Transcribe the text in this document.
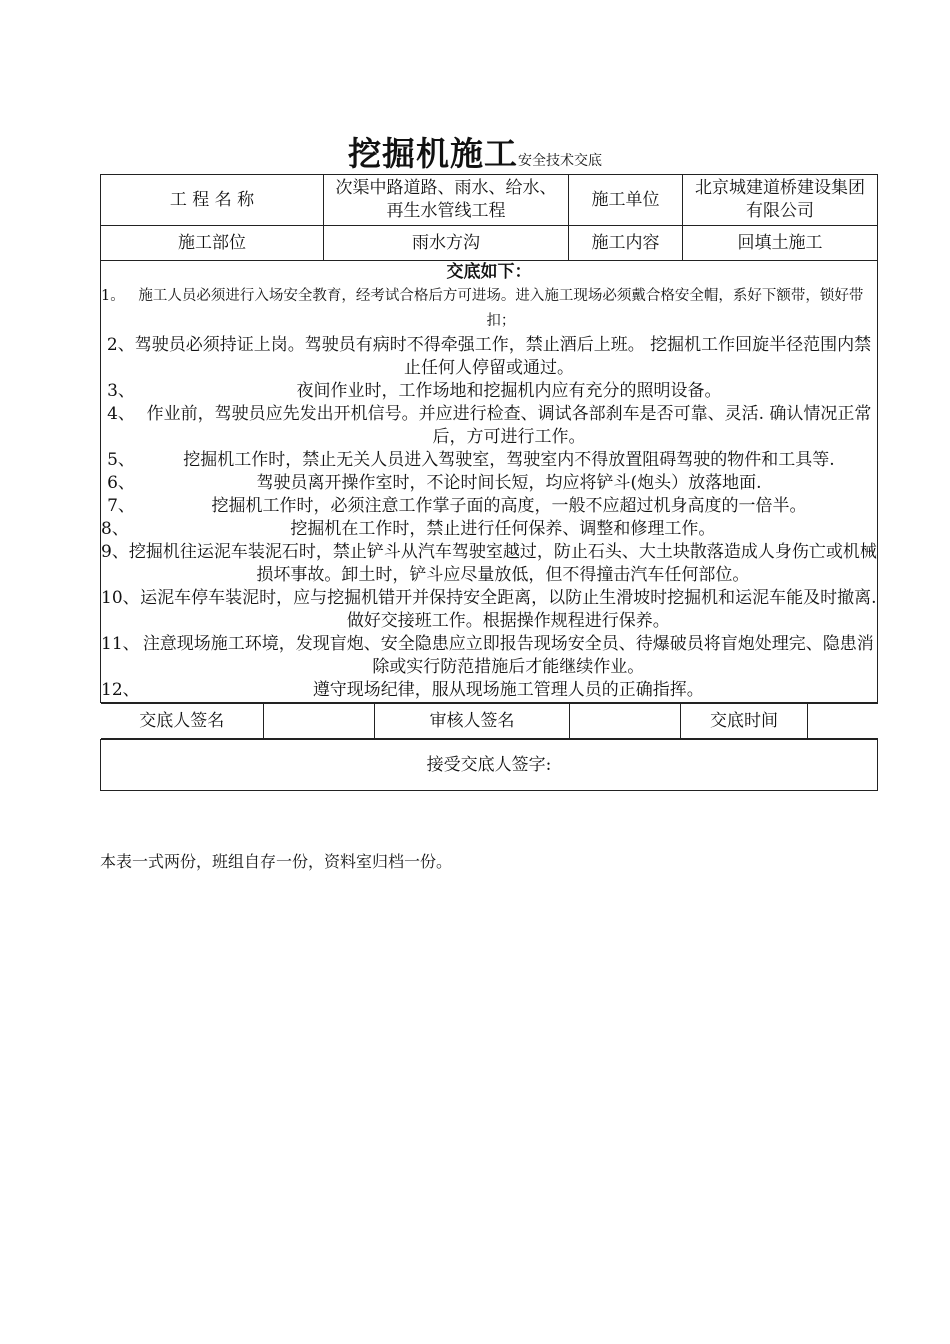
挖掘机施工安全技术交底
工 程 名 称	次渠中路道路、雨水、给水、再生水管线工程	施工单位	北京城建道桥建设集团有限公司
施工部位	雨水方沟	施工内容	回填土施工

交底如下：
1。 施工人员必须进行入场安全教育，经考试合格后方可进场。进入施工现场必须戴合格安全帽，系好下额带，锁好带扣；
2、驾驶员必须持证上岗。驾驶员有病时不得牵强工作，禁止酒后上班。 挖掘机工作回旋半径范围内禁止任何人停留或通过。
3、	夜间作业时，工作场地和挖掘机内应有充分的照明设备。
4、 作业前，驾驶员应先发出开机信号。并应进行检查、调试各部刹车是否可靠、灵活. 确认情况正常后，方可进行工作。
5、	挖掘机工作时，禁止无关人员进入驾驶室，驾驶室内不得放置阻碍驾驶的物件和工具等.
6、	驾驶员离开操作室时，不论时间长短，均应将铲斗(炮头）放落地面.
7、	挖掘机工作时，必须注意工作掌子面的高度，一般不应超过机身高度的一倍半。
8、	挖掘机在工作时，禁止进行任何保养、调整和修理工作。
9、 挖掘机往运泥车装泥石时，禁止铲斗从汽车驾驶室越过，防止石头、大土块散落造成人身伤亡或机械损坏事故。卸土时，铲斗应尽量放低，但不得撞击汽车任何部位。
10、 运泥车停车装泥时，应与挖掘机错开并保持安全距离，以防止生滑坡时挖掘机和运泥车能及时撤离.做好交接班工作。根据操作规程进行保养。
11、 注意现场施工环境，发现盲炮、安全隐患应立即报告现场安全员、待爆破员将盲炮处理完、隐患消除或实行防范措施后才能继续作业。
12、	遵守现场纪律，服从现场施工管理人员的正确指挥。

交底人签名		审核人签名		交底时间	

接受交底人签字:
本表一式两份，班组自存一份，资料室归档一份。
